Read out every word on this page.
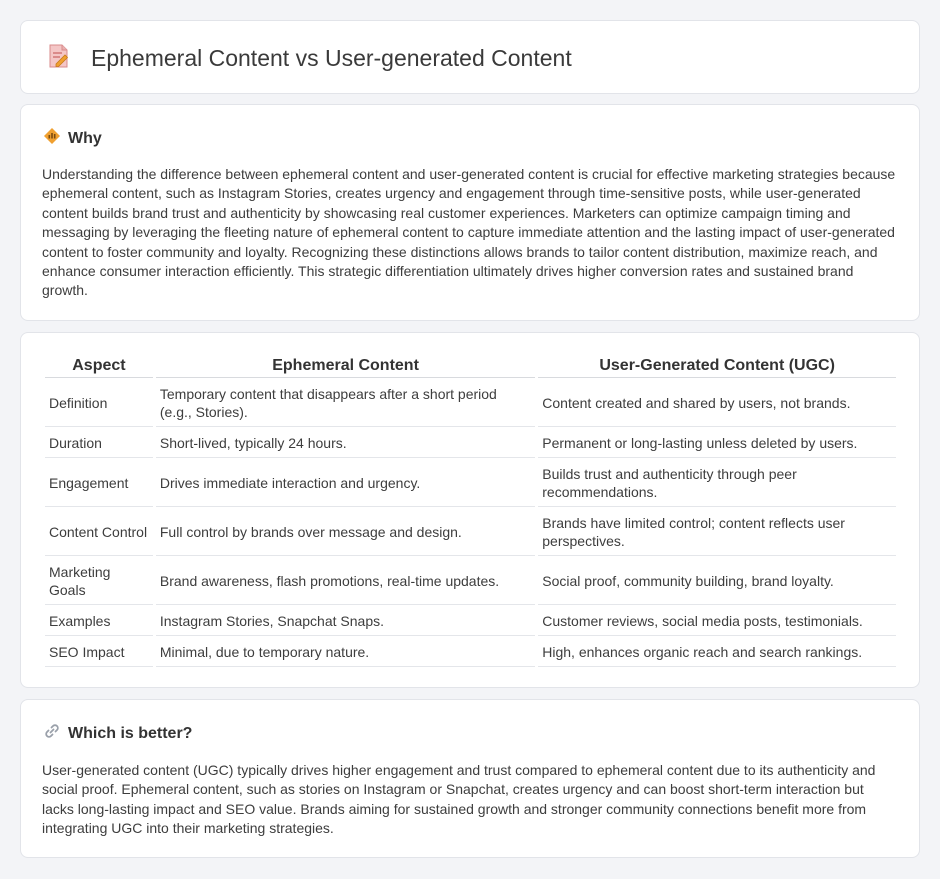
Ephemeral Content vs User-generated Content
Why

Understanding the difference between ephemeral content and user-generated content is crucial for effective marketing strategies because ephemeral content, such as Instagram Stories, creates urgency and engagement through time-sensitive posts, while user-generated content builds brand trust and authenticity by showcasing real customer experiences. Marketers can optimize campaign timing and messaging by leveraging the fleeting nature of ephemeral content to capture immediate attention and the lasting impact of user-generated content to foster community and loyalty. Recognizing these distinctions allows brands to tailor content distribution, maximize reach, and enhance consumer interaction efficiently. This strategic differentiation ultimately drives higher conversion rates and sustained brand growth.

Aspect	Ephemeral Content	User-Generated Content (UGC)
Definition	Temporary content that disappears after a short period (e.g., Stories).	Content created and shared by users, not brands.
Duration	Short-lived, typically 24 hours.	Permanent or long-lasting unless deleted by users.
Engagement	Drives immediate interaction and urgency.	Builds trust and authenticity through peer recommendations.
Content Control	Full control by brands over message and design.	Brands have limited control; content reflects user perspectives.
Marketing Goals	Brand awareness, flash promotions, real-time updates.	Social proof, community building, brand loyalty.
Examples	Instagram Stories, Snapchat Snaps.	Customer reviews, social media posts, testimonials.
SEO Impact	Minimal, due to temporary nature.	High, enhances organic reach and search rankings.
Which is better?

User-generated content (UGC) typically drives higher engagement and trust compared to ephemeral content due to its authenticity and social proof. Ephemeral content, such as stories on Instagram or Snapchat, creates urgency and can boost short-term interaction but lacks long-lasting impact and SEO value. Brands aiming for sustained growth and stronger community connections benefit more from integrating UGC into their marketing strategies.
